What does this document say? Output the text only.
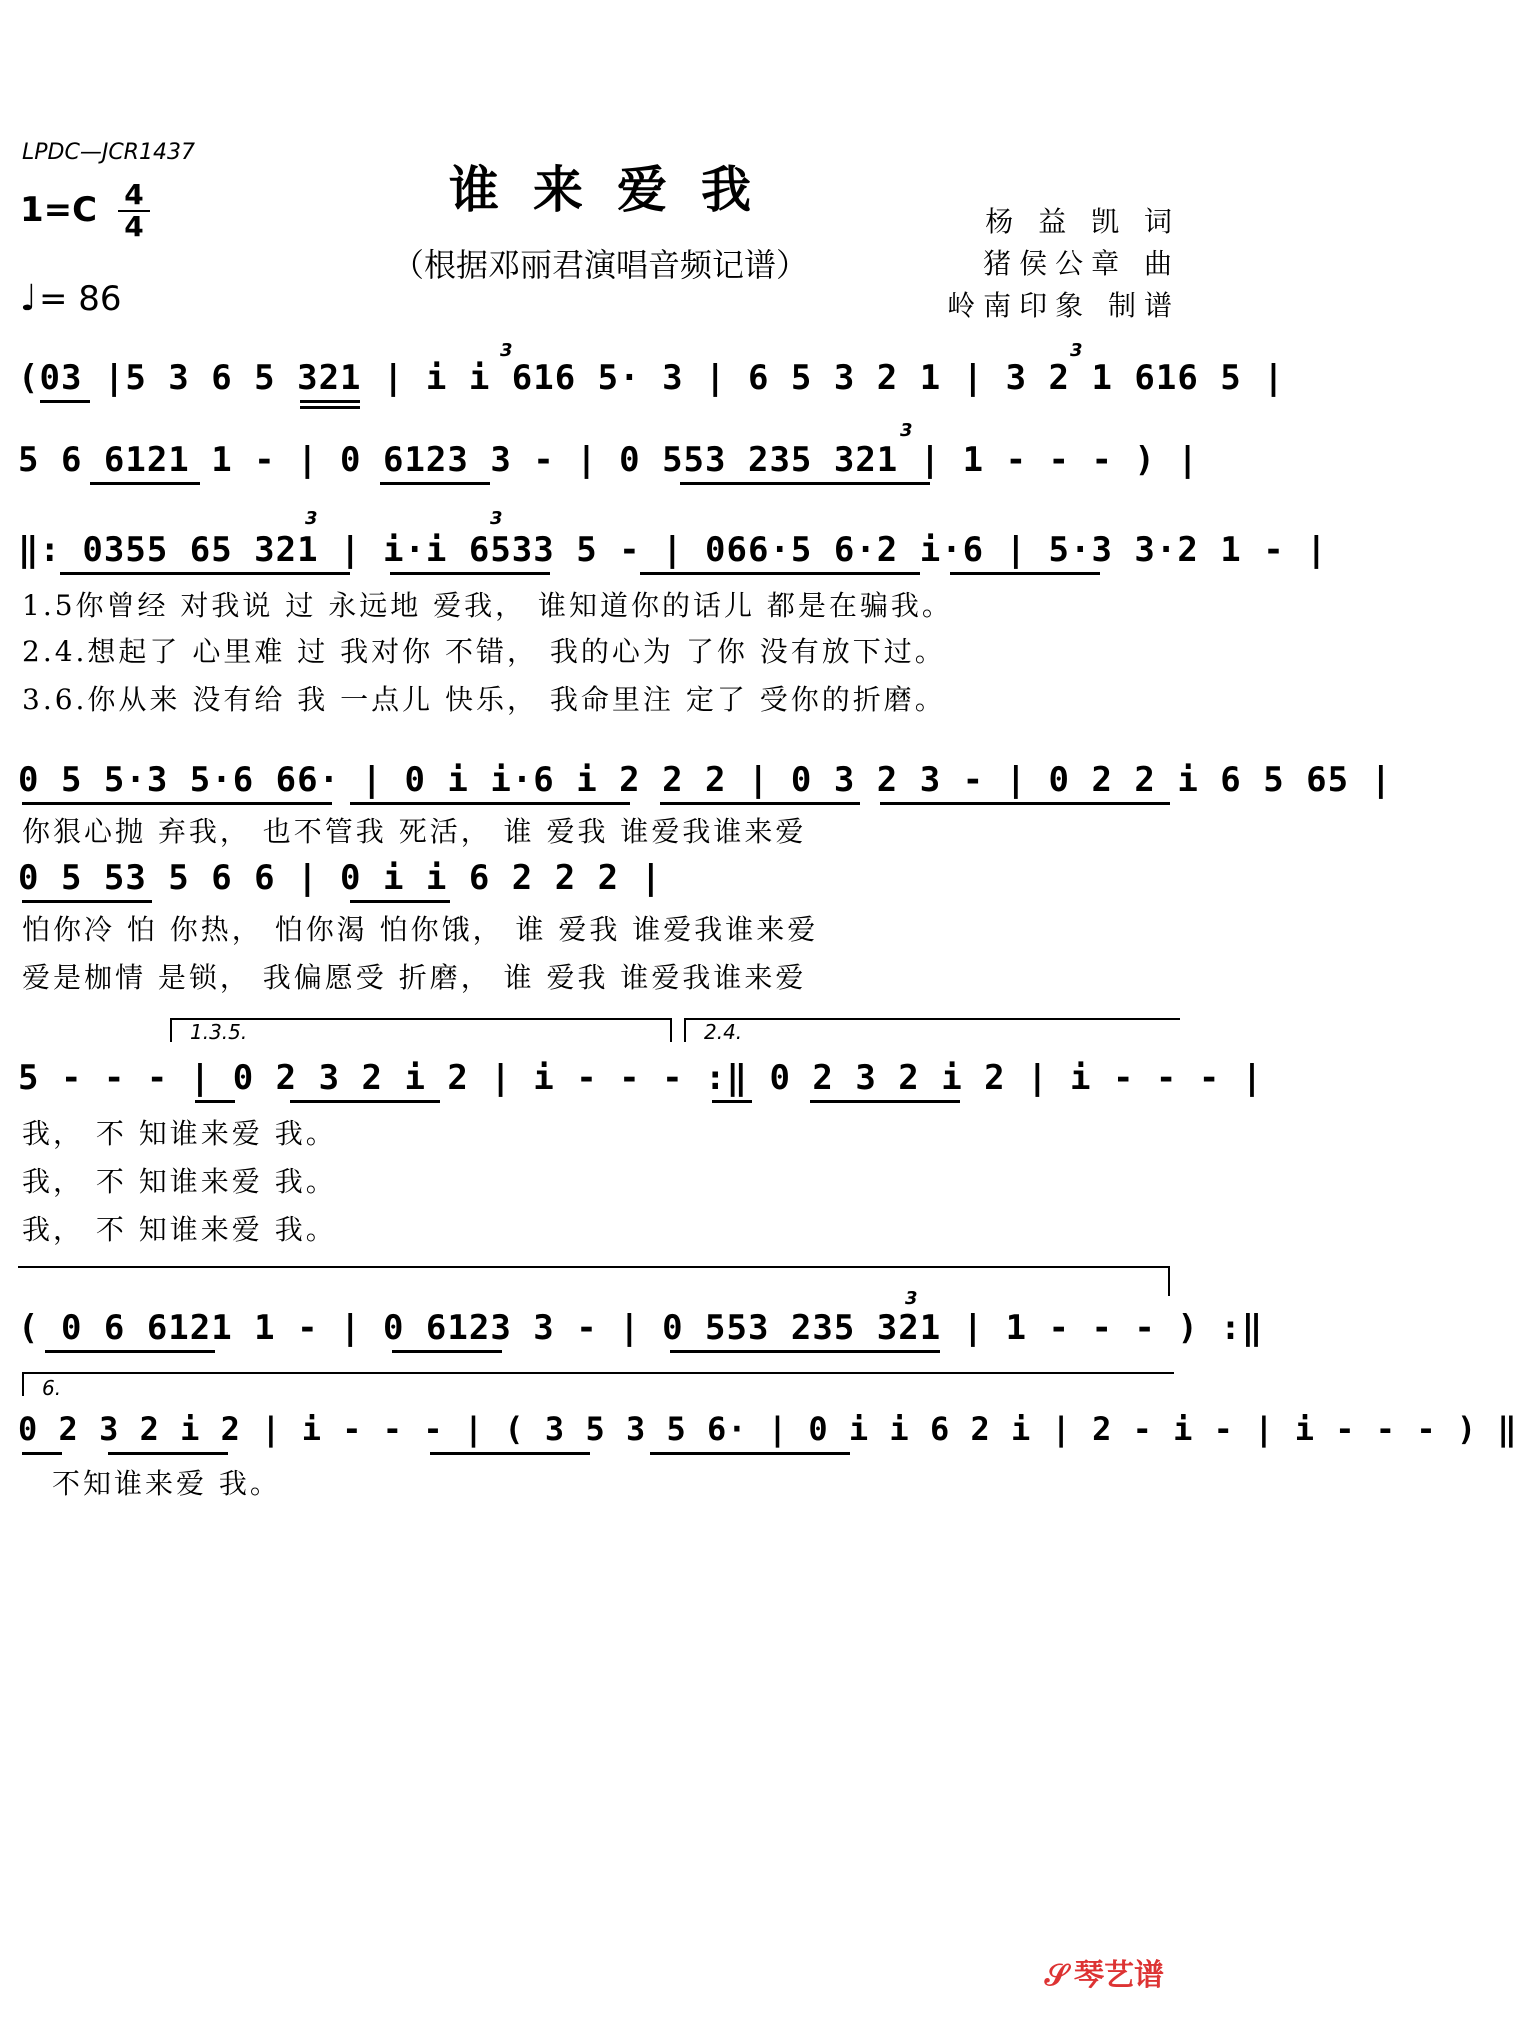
LPDC—JCR1437
谁来爱我
（根据邓丽君演唱音频记谱）
1=C 4
4
♩= 86
杨 益 凯 词
猪侯公章 曲
岭南印象 制谱
(03 |5 3 6 5 321 | i i 616 5· 3 | 6 5 3 2 1 | 3 2 1 616 5 |
3	3
5 6 6121 1 - | 0 6123 3 - | 0 553 235 321 | 1 - - - ) |
3
‖: 0355 65 321 | i·i 6533 5 - | 066·5 6·2 i·6 | 5·3 3·2 1 - |
3	3
1.5你曾经 对我说 过 永远地 爱我， 谁知道你的话儿 都是在骗我。
2.4.想起了 心里难 过 我对你 不错， 我的心为 了你 没有放下过。
3.6.你从来 没有给 我 一点儿 快乐， 我命里注 定了 受你的折磨。
0 5 5·3 5·6 66· | 0 i i·6 i 2 2 2 | 0 3 2 3 - | 0 2 2 i 6 5 65 |
你狠心抛 弃我， 也不管我 死活， 谁 爱我 谁爱我谁来爱
0 5 53 5 6 6 | 0 i i 6 2 2 2 |
怕你冷 怕 你热， 怕你渴 怕你饿， 谁 爱我 谁爱我谁来爱
爱是枷情 是锁， 我偏愿受 折磨， 谁 爱我 谁爱我谁来爱
1.3.5.	2.4.
5 - - - | 0 2 3 2 i 2 | i - - - :‖ 0 2 3 2 i 2 | i - - - |
我， 不 知谁来爱 我。
我， 不 知谁来爱 我。
我， 不 知谁来爱 我。
( 0 6 6121 1 - | 0 6123 3 - | 0 553 235 321 | 1 - - - ) :‖
3
6.
0 2 3 2 i 2 | i - - - | ( 3 5 3 5 6· | 0 i i 6 2 i | 2 - i - | i - - - ) ‖
不知谁来爱 我。
𝒮 琴艺谱
